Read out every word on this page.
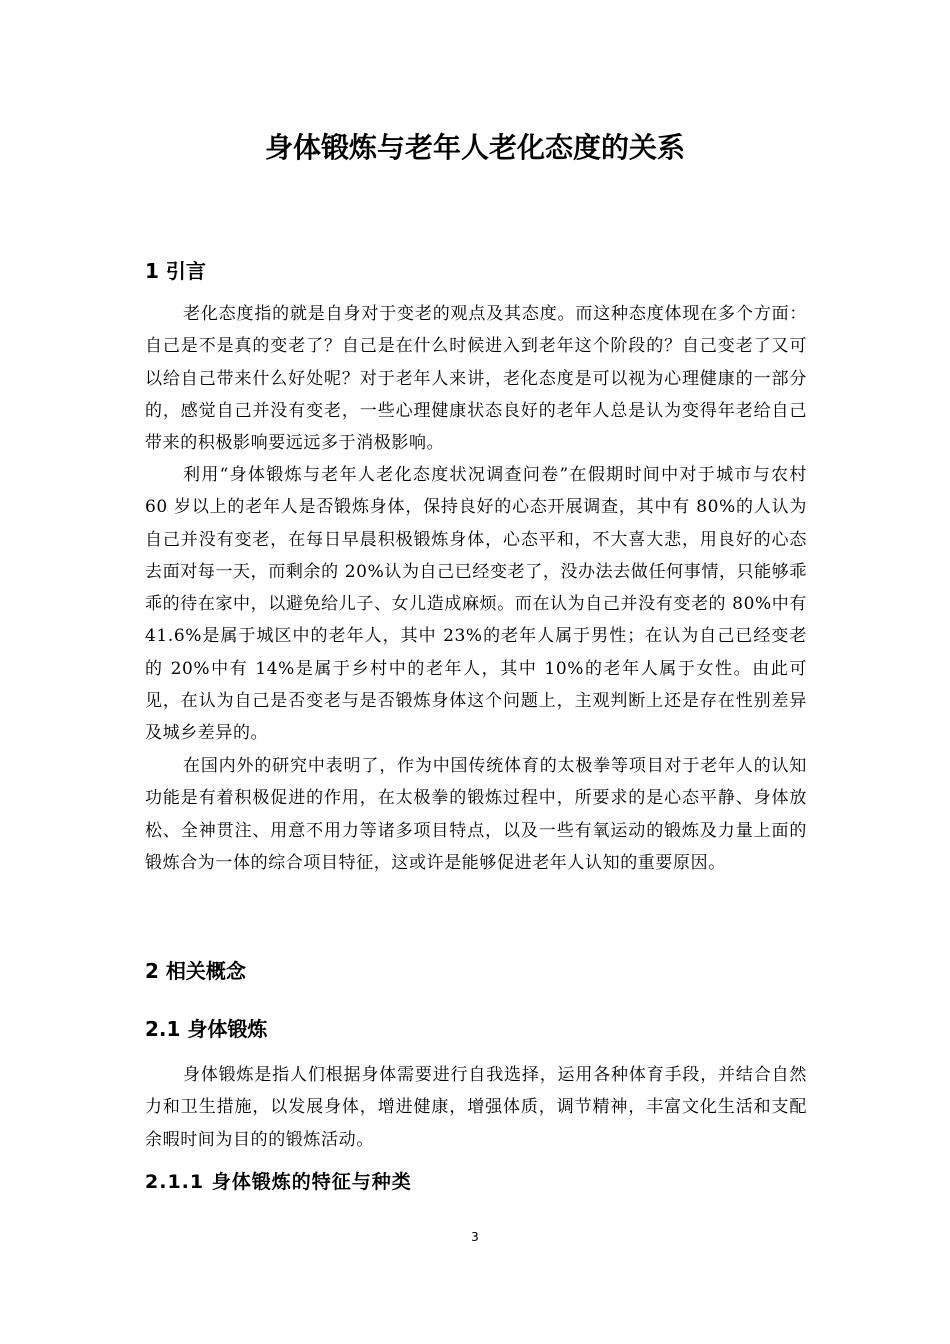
身体锻炼与老年人老化态度的关系
1 引言

老化态度指的就是自身对于变老的观点及其态度。而这种态度体现在多个方面：自己是不是真的变老了？自己是在什么时候进入到老年这个阶段的？自己变老了又可以给自己带来什么好处呢？对于老年人来讲，老化态度是可以视为心理健康的一部分的，感觉自己并没有变老，一些心理健康状态良好的老年人总是认为变得年老给自己带来的积极影响要远远多于消极影响。

利用“身体锻炼与老年人老化态度状况调查问卷”在假期时间中对于城市与农村 60 岁以上的老年人是否锻炼身体，保持良好的心态开展调查，其中有 80%的人认为自己并没有变老，在每日早晨积极锻炼身体，心态平和，不大喜大悲，用良好的心态去面对每一天，而剩余的 20%认为自己已经变老了，没办法去做任何事情，只能够乖乖的待在家中，以避免给儿子、女儿造成麻烦。而在认为自己并没有变老的 80%中有 41.6%是属于城区中的老年人，其中 23%的老年人属于男性；在认为自己已经变老的 20%中有 14%是属于乡村中的老年人，其中 10%的老年人属于女性。由此可见，在认为自己是否变老与是否锻炼身体这个问题上，主观判断上还是存在性别差异及城乡差异的。

在国内外的研究中表明了，作为中国传统体育的太极拳等项目对于老年人的认知功能是有着积极促进的作用，在太极拳的锻炼过程中，所要求的是心态平静、身体放松、全神贯注、用意不用力等诸多项目特点，以及一些有氧运动的锻炼及力量上面的锻炼合为一体的综合项目特征，这或许是能够促进老年人认知的重要原因。

2 相关概念
2.1 身体锻炼

身体锻炼是指人们根据身体需要进行自我选择，运用各种体育手段，并结合自然力和卫生措施，以发展身体，增进健康，增强体质，调节精神，丰富文化生活和支配余暇时间为目的的锻炼活动。

2.1.1 身体锻炼的特征与种类

3
